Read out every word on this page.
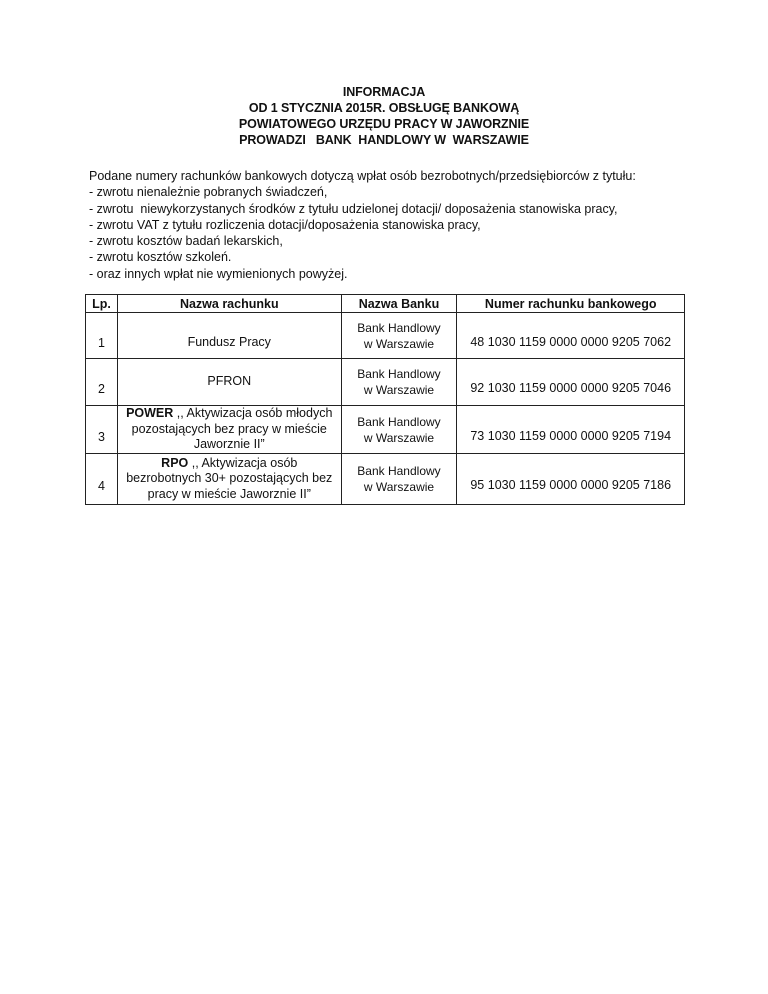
INFORMACJA
OD 1 STYCZNIA 2015R. OBSŁUGĘ BANKOWĄ
POWIATOWEGO URZĘDU PRACY W JAWORZNIE
PROWADZI   BANK  HANDLOWY W  WARSZAWIE
Podane numery rachunków bankowych dotyczą wpłat osób bezrobotnych/przedsiębiorców z tytułu:
- zwrotu nienależnie pobranych świadczeń,
- zwrotu  niewykorzystanych środków z tytułu udzielonej dotacji/ doposażenia stanowiska pracy,
- zwrotu VAT z tytułu rozliczenia dotacji/doposażenia stanowiska pracy,
- zwrotu kosztów badań lekarskich,
- zwrotu kosztów szkoleń.
- oraz innych wpłat nie wymienionych powyżej.
Lp.	Nazwa rachunku	Nazwa Banku	Numer rachunku bankowego

1	Fundusz Pracy	Bank Handlowy
w Warszawie	48 1030 1159 0000 0000 9205 7062

2	PFRON	Bank Handlowy
w Warszawie	92 1030 1159 0000 0000 9205 7046

3	POWER ,, Aktywizacja osób młodych
pozostających bez pracy w mieście
Jaworznie II”	Bank Handlowy
w Warszawie	73 1030 1159 0000 0000 9205 7194

4	RPO ,, Aktywizacja osób
bezrobotnych 30+ pozostających bez
pracy w mieście Jaworznie II”	Bank Handlowy
w Warszawie	95 1030 1159 0000 0000 9205 7186
